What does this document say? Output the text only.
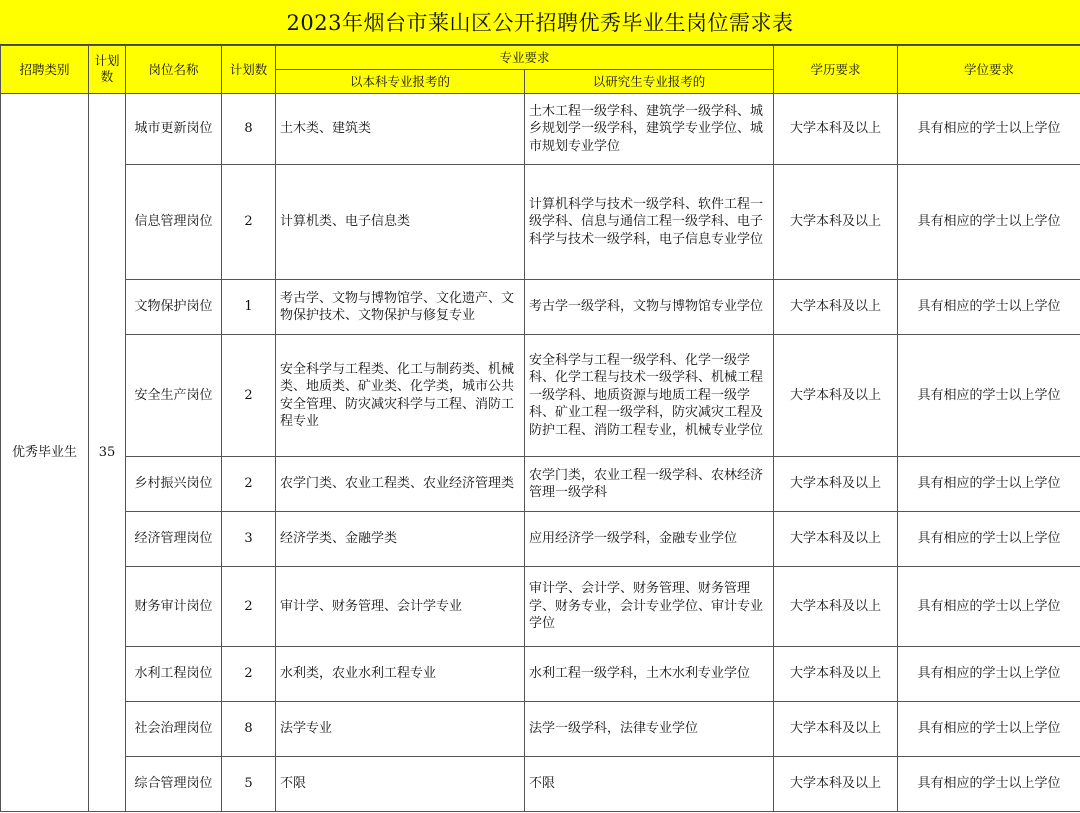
2023年烟台市莱山区公开招聘优秀毕业生岗位需求表
招聘类别	计划数	岗位名称	计划数	专业要求		学历要求	学位要求
				以本科专业报考的	以研究生专业报考的		
优秀毕业生	35	城市更新岗位	8	土木类、建筑类	土木工程一级学科、建筑学一级学科、城乡规划学一级学科，建筑学专业学位、城市规划专业学位	大学本科及以上	具有相应的学士以上学位
		信息管理岗位	2	计算机类、电子信息类	计算机科学与技术一级学科、软件工程一级学科、信息与通信工程一级学科、电子科学与技术一级学科，电子信息专业学位	大学本科及以上	具有相应的学士以上学位
		文物保护岗位	1	考古学、文物与博物馆学、文化遗产、文物保护技术、文物保护与修复专业	考古学一级学科，文物与博物馆专业学位	大学本科及以上	具有相应的学士以上学位
		安全生产岗位	2	安全科学与工程类、化工与制药类、机械类、地质类、矿业类、化学类，城市公共安全管理、防灾减灾科学与工程、消防工程专业	安全科学与工程一级学科、化学一级学科、化学工程与技术一级学科、机械工程一级学科、地质资源与地质工程一级学科、矿业工程一级学科，防灾减灾工程及防护工程、消防工程专业，机械专业学位	大学本科及以上	具有相应的学士以上学位
		乡村振兴岗位	2	农学门类、农业工程类、农业经济管理类	农学门类，农业工程一级学科、农林经济管理一级学科	大学本科及以上	具有相应的学士以上学位
		经济管理岗位	3	经济学类、金融学类	应用经济学一级学科，金融专业学位	大学本科及以上	具有相应的学士以上学位
		财务审计岗位	2	审计学、财务管理、会计学专业	审计学、会计学、财务管理、财务管理学、财务专业，会计专业学位、审计专业学位	大学本科及以上	具有相应的学士以上学位
		水利工程岗位	2	水利类，农业水利工程专业	水利工程一级学科，土木水利专业学位	大学本科及以上	具有相应的学士以上学位
		社会治理岗位	8	法学专业	法学一级学科，法律专业学位	大学本科及以上	具有相应的学士以上学位
		综合管理岗位	5	不限	不限	大学本科及以上	具有相应的学士以上学位
